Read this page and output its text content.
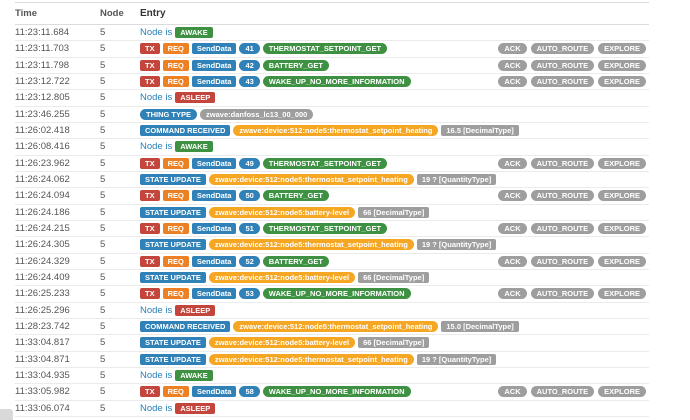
Time	Node	Entry
11:23:11.684	5	Node is	AWAKE
11:23:11.703	5	TX	REQ	SendData	41	THERMOSTAT_SETPOINT_GET	ACK	AUTO_ROUTE	EXPLORE
11:23:11.798	5	TX	REQ	SendData	42	BATTERY_GET	ACK	AUTO_ROUTE	EXPLORE
11:23:12.722	5	TX	REQ	SendData	43	WAKE_UP_NO_MORE_INFORMATION	ACK	AUTO_ROUTE	EXPLORE
11:23:12.805	5	Node is	ASLEEP
11:23:46.255	5	THING TYPE	zwave:danfoss_lc13_00_000
11:26:02.418	5	COMMAND RECEIVED	zwave:device:512:node5:thermostat_setpoint_heating	16.5 [DecimalType]
11:26:08.416	5	Node is	AWAKE
11:26:23.962	5	TX	REQ	SendData	49	THERMOSTAT_SETPOINT_GET	ACK	AUTO_ROUTE	EXPLORE
11:26:24.062	5	STATE UPDATE	zwave:device:512:node5:thermostat_setpoint_heating	19 ? [QuantityType]
11:26:24.094	5	TX	REQ	SendData	50	BATTERY_GET	ACK	AUTO_ROUTE	EXPLORE
11:26:24.186	5	STATE UPDATE	zwave:device:512:node5:battery-level	66 [DecimalType]
11:26:24.215	5	TX	REQ	SendData	51	THERMOSTAT_SETPOINT_GET	ACK	AUTO_ROUTE	EXPLORE
11:26:24.305	5	STATE UPDATE	zwave:device:512:node5:thermostat_setpoint_heating	19 ? [QuantityType]
11:26:24.329	5	TX	REQ	SendData	52	BATTERY_GET	ACK	AUTO_ROUTE	EXPLORE
11:26:24.409	5	STATE UPDATE	zwave:device:512:node5:battery-level	66 [DecimalType]
11:26:25.233	5	TX	REQ	SendData	53	WAKE_UP_NO_MORE_INFORMATION	ACK	AUTO_ROUTE	EXPLORE
11:26:25.296	5	Node is	ASLEEP
11:28:23.742	5	COMMAND RECEIVED	zwave:device:512:node5:thermostat_setpoint_heating	15.0 [DecimalType]
11:33:04.817	5	STATE UPDATE	zwave:device:512:node5:battery-level	66 [DecimalType]
11:33:04.871	5	STATE UPDATE	zwave:device:512:node5:thermostat_setpoint_heating	19 ? [QuantityType]
11:33:04.935	5	Node is	AWAKE
11:33:05.982	5	TX	REQ	SendData	58	WAKE_UP_NO_MORE_INFORMATION	ACK	AUTO_ROUTE	EXPLORE
11:33:06.074	5	Node is	ASLEEP
